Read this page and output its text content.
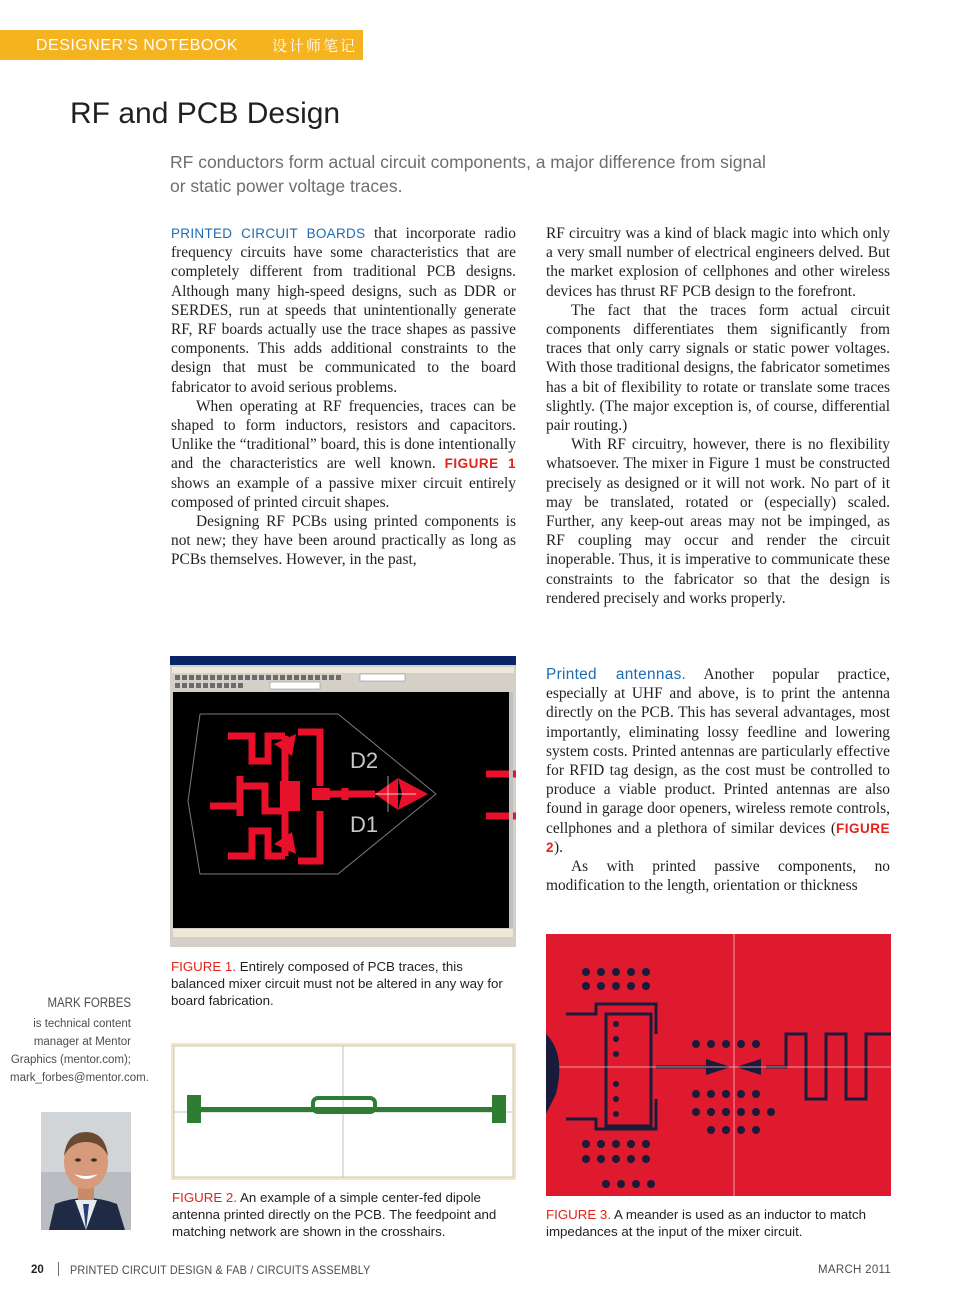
DESIGNER'S NOTEBOOK 设计师笔记
RF and PCB Design
RF conductors form actual circuit components, a major difference from signal or static power voltage traces.

PRINTED CIRCUIT BOARDS that incorporate radio frequency circuits have some characteristics that are completely different from traditional PCB designs. Although many high-speed designs, such as DDR or SERDES, run at speeds that unintentionally generate RF, RF boards actually use the trace shapes as passive components. This adds additional constraints to the design that must be communicated to the board fabricator to avoid serious problems.

When operating at RF frequencies, traces can be shaped to form inductors, resistors and capacitors. Unlike the “traditional” board, this is done intentionally and the characteristics are well known. FIGURE 1 shows an example of a passive mixer circuit entirely composed of printed circuit shapes.

Designing RF PCBs using printed components is not new; they have been around practically as long as PCBs themselves. However, in the past,

RF circuitry was a kind of black magic into which only a very small number of electrical engineers delved. But the market explosion of cellphones and other wireless devices has thrust RF PCB design to the forefront.

The fact that the traces form actual circuit components differentiates them significantly from traces that only carry signals or static power voltages. With those traditional designs, the fabricator sometimes has a bit of flexibility to rotate or translate some traces slightly. (The major exception is, of course, differential pair routing.)

With RF circuitry, however, there is no flexibility whatsoever. The mixer in Figure 1 must be constructed precisely as designed or it will not work. No part of it may be translated, rotated or (especially) scaled. Further, any keep-out areas may not be impinged, as RF coupling may occur and render the circuit inoperable. Thus, it is imperative to communicate these constraints to the fabricator so that the design is rendered precisely and works properly.

Printed antennas. Another popular practice, especially at UHF and above, is to print the antenna directly on the PCB. This has several advantages, most importantly, eliminating lossy feedline and lowering system costs. Printed antennas are particularly effective for RFID tag design, as the cost must be controlled to produce a viable product. Printed antennas are also found in garage door openers, wireless remote controls, cellphones and a plethora of similar devices (FIGURE 2).

As with printed passive components, no modification to the length, orientation or thickness

D2
D1
FIGURE 1. Entirely composed of PCB traces, this balanced mixer circuit must not be altered in any way for board fabrication.
MARK FORBES
is technical content manager at Mentor Graphics (mentor.com); mark_forbes@mentor.com.
FIGURE 2. An example of a simple center-fed dipole antenna printed directly on the PCB. The feedpoint and matching network are shown in the crosshairs.
FIGURE 3. A meander is used as an inductor to match impedances at the input of the mixer circuit.
20 PRINTED CIRCUIT DESIGN & FAB / CIRCUITS ASSEMBLY	MARCH 2011
